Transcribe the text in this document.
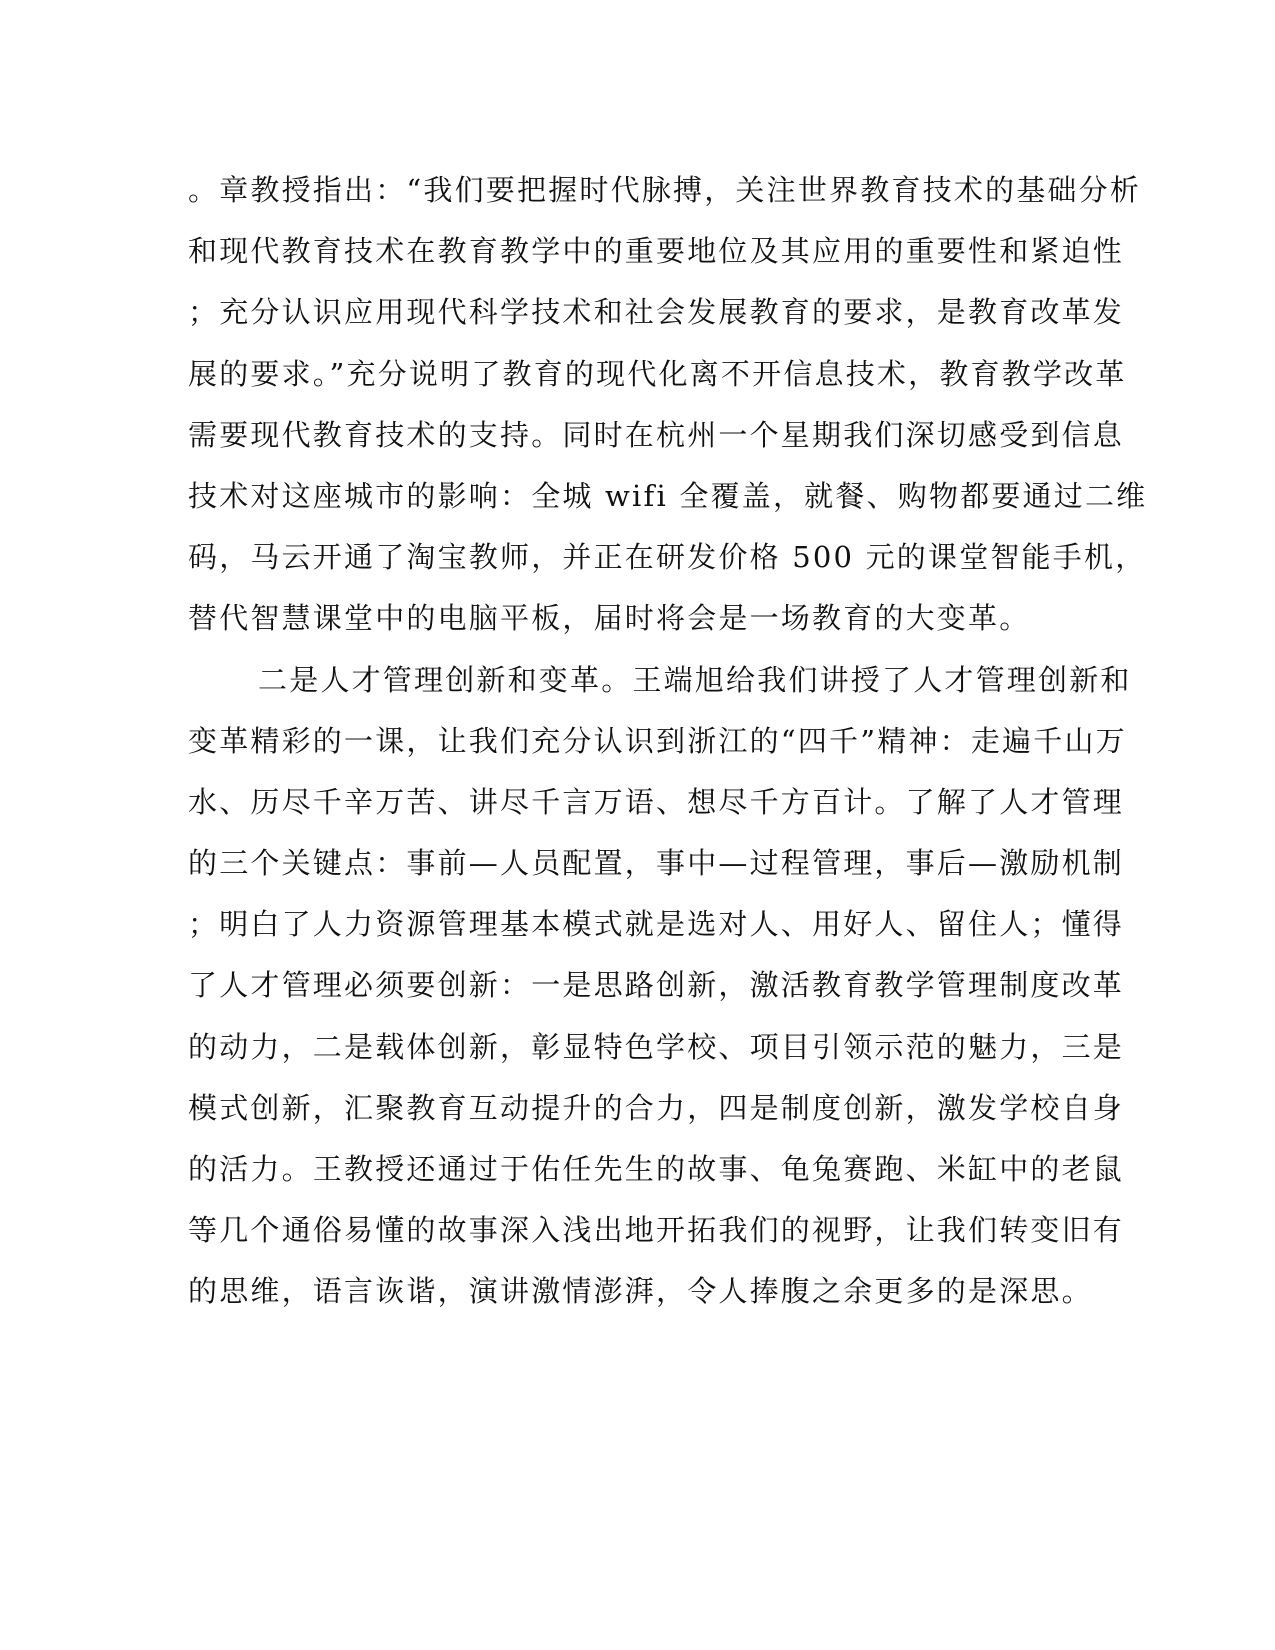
。章教授指出：“我们要把握时代脉搏，关注世界教育技术的基础分析
和现代教育技术在教育教学中的重要地位及其应用的重要性和紧迫性
；充分认识应用现代科学技术和社会发展教育的要求，是教育改革发
展的要求。”充分说明了教育的现代化离不开信息技术，教育教学改革
需要现代教育技术的支持。同时在杭州一个星期我们深切感受到信息
技术对这座城市的影响：全城 wifi 全覆盖，就餐、购物都要通过二维
码，马云开通了淘宝教师，并正在研发价格 500 元的课堂智能手机，
替代智慧课堂中的电脑平板，届时将会是一场教育的大变革。
二是人才管理创新和变革。王端旭给我们讲授了人才管理创新和
变革精彩的一课，让我们充分认识到浙江的“四千”精神：走遍千山万
水、历尽千辛万苦、讲尽千言万语、想尽千方百计。了解了人才管理
的三个关键点：事前—人员配置，事中—过程管理，事后—激励机制
；明白了人力资源管理基本模式就是选对人、用好人、留住人；懂得
了人才管理必须要创新：一是思路创新，激活教育教学管理制度改革
的动力，二是载体创新，彰显特色学校、项目引领示范的魅力，三是
模式创新，汇聚教育互动提升的合力，四是制度创新，激发学校自身
的活力。王教授还通过于佑任先生的故事、龟兔赛跑、米缸中的老鼠
等几个通俗易懂的故事深入浅出地开拓我们的视野，让我们转变旧有
的思维，语言诙谐，演讲激情澎湃，令人捧腹之余更多的是深思。
